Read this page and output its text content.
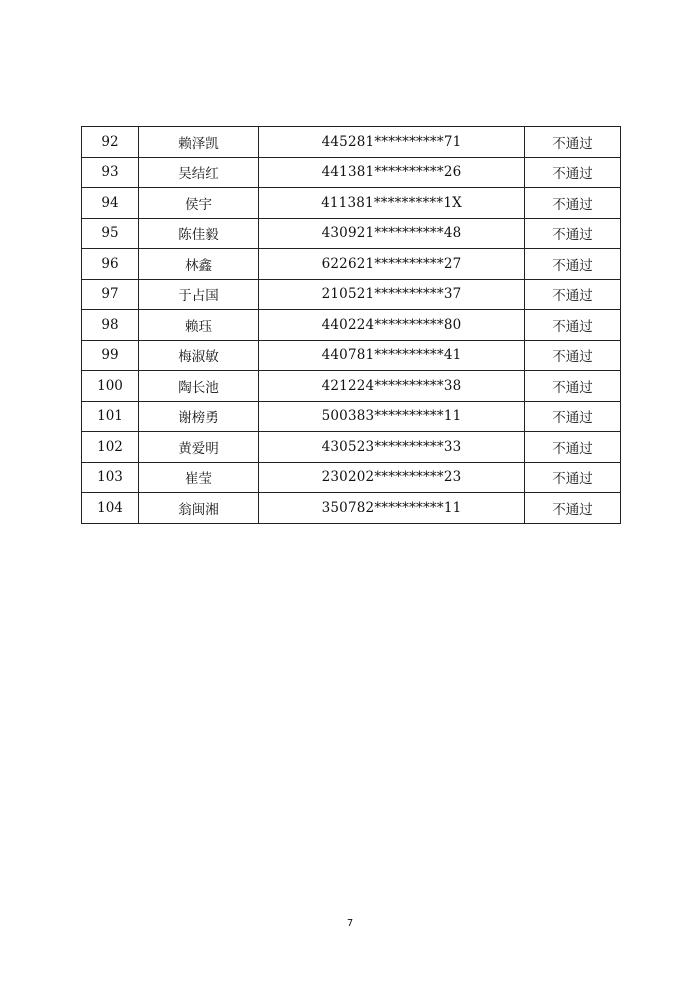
92	赖泽凯	445281**********71	不通过
93	吴结红	441381**********26	不通过
94	侯宇	411381**********1X	不通过
95	陈佳毅	430921**********48	不通过
96	林鑫	622621**********27	不通过
97	于占国	210521**********37	不通过
98	赖珏	440224**********80	不通过
99	梅淑敏	440781**********41	不通过
100	陶长池	421224**********38	不通过
101	谢榜勇	500383**********11	不通过
102	黄爱明	430523**********33	不通过
103	崔莹	230202**********23	不通过
104	翁闽湘	350782**********11	不通过
7
